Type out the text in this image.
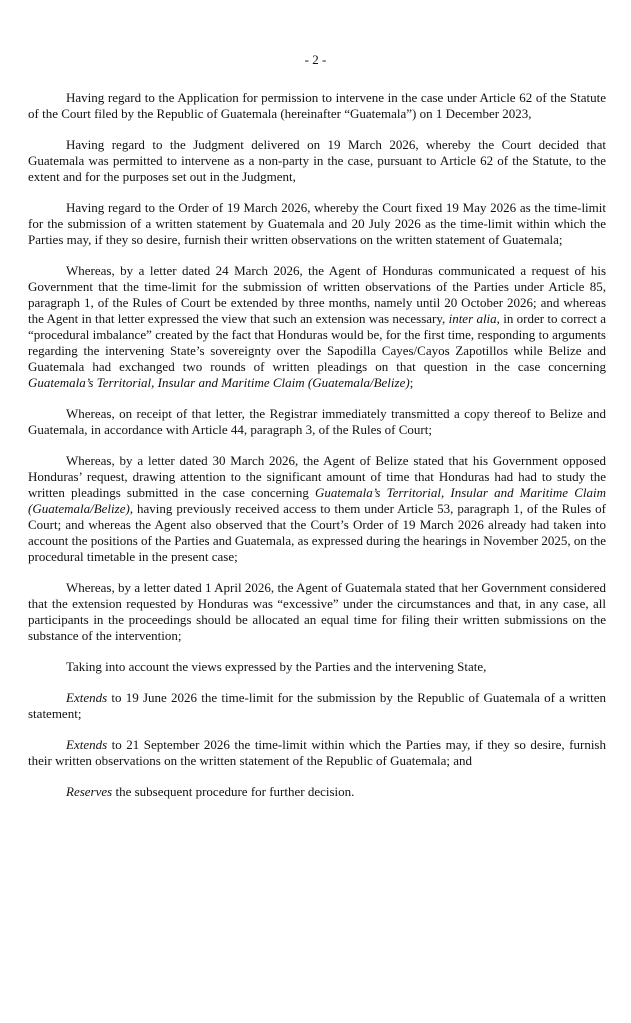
- 2 -

Having regard to the Application for permission to intervene in the case under Article 62 of the Statute of the Court filed by the Republic of Guatemala (hereinafter “Guatemala”) on 1 December 2023,

Having regard to the Judgment delivered on 19 March 2026, whereby the Court decided that Guatemala was permitted to intervene as a non-party in the case, pursuant to Article 62 of the Statute, to the extent and for the purposes set out in the Judgment,

Having regard to the Order of 19 March 2026, whereby the Court fixed 19 May 2026 as the time-limit for the submission of a written statement by Guatemala and 20 July 2026 as the time-limit within which the Parties may, if they so desire, furnish their written observations on the written statement of Guatemala;

Whereas, by a letter dated 24 March 2026, the Agent of Honduras communicated a request of his Government that the time-limit for the submission of written observations of the Parties under Article 85, paragraph 1, of the Rules of Court be extended by three months, namely until 20 October 2026; and whereas the Agent in that letter expressed the view that such an extension was necessary, inter alia, in order to correct a “procedural imbalance” created by the fact that Honduras would be, for the first time, responding to arguments regarding the intervening State’s sovereignty over the Sapodilla Cayes/Cayos Zapotillos while Belize and Guatemala had exchanged two rounds of written pleadings on that question in the case concerning Guatemala’s Territorial, Insular and Maritime Claim (Guatemala/Belize);

Whereas, on receipt of that letter, the Registrar immediately transmitted a copy thereof to Belize and Guatemala, in accordance with Article 44, paragraph 3, of the Rules of Court;

Whereas, by a letter dated 30 March 2026, the Agent of Belize stated that his Government opposed Honduras’ request, drawing attention to the significant amount of time that Honduras had had to study the written pleadings submitted in the case concerning Guatemala’s Territorial, Insular and Maritime Claim (Guatemala/Belize), having previously received access to them under Article 53, paragraph 1, of the Rules of Court; and whereas the Agent also observed that the Court’s Order of 19 March 2026 already had taken into account the positions of the Parties and Guatemala, as expressed during the hearings in November 2025, on the procedural timetable in the present case;

Whereas, by a letter dated 1 April 2026, the Agent of Guatemala stated that her Government considered that the extension requested by Honduras was “excessive” under the circumstances and that, in any case, all participants in the proceedings should be allocated an equal time for filing their written submissions on the substance of the intervention;

Taking into account the views expressed by the Parties and the intervening State,

Extends to 19 June 2026 the time-limit for the submission by the Republic of Guatemala of a written statement;

Extends to 21 September 2026 the time-limit within which the Parties may, if they so desire, furnish their written observations on the written statement of the Republic of Guatemala; and

Reserves the subsequent procedure for further decision.
